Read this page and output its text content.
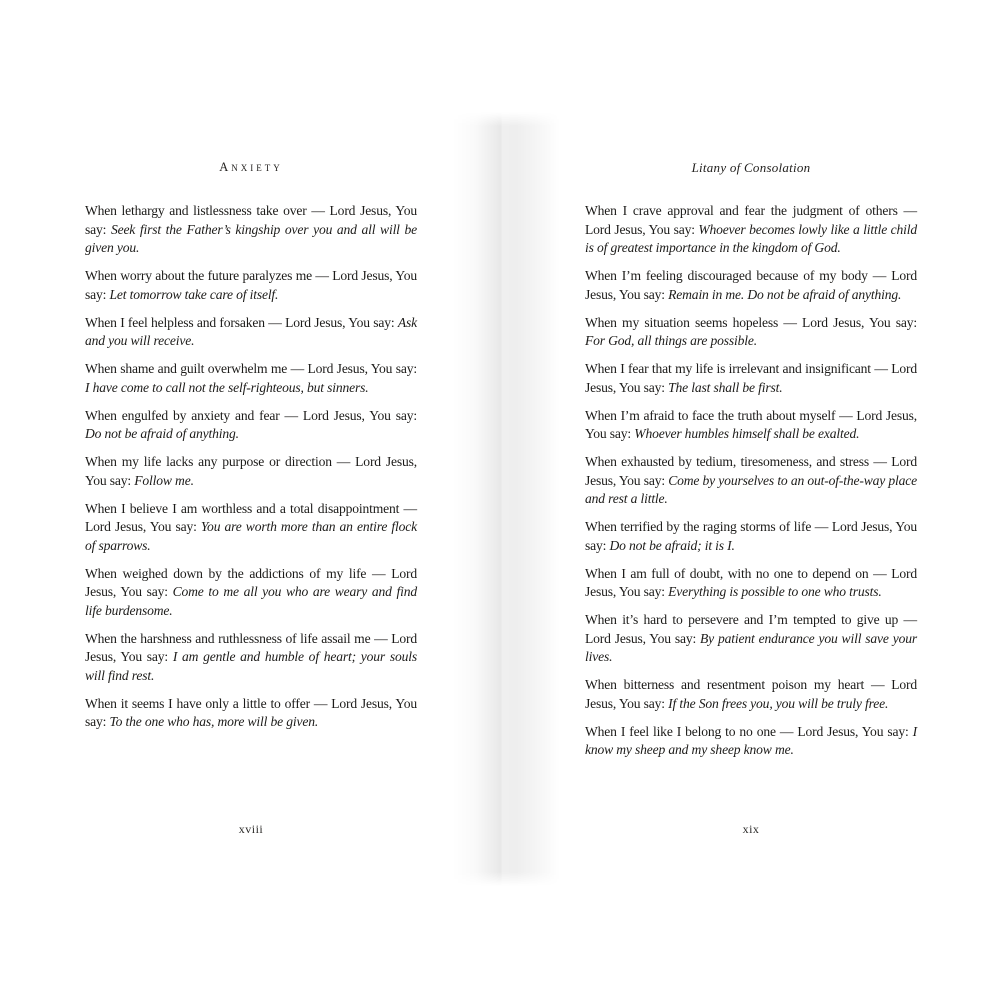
Anxiety

When lethargy and listlessness take over — Lord Jesus, You say: Seek first the Father’s kingship over you and all will be given you.

When worry about the future paralyzes me — Lord Jesus, You say: Let tomorrow take care of itself.

When I feel helpless and forsaken — Lord Jesus, You say: Ask and you will receive.

When shame and guilt overwhelm me — Lord Jesus, You say: I have come to call not the self-righteous, but sinners.

When engulfed by anxiety and fear — Lord Jesus, You say: Do not be afraid of anything.

When my life lacks any purpose or direction — Lord Jesus, You say: Follow me.

When I believe I am worthless and a total disappointment — Lord Jesus, You say: You are worth more than an entire flock of sparrows.

When weighed down by the addictions of my life — Lord Jesus, You say: Come to me all you who are weary and find life burdensome.

When the harshness and ruthlessness of life assail me — Lord Jesus, You say: I am gentle and humble of heart; your souls will find rest.

When it seems I have only a little to offer — Lord Jesus, You say: To the one who has, more will be given.

xviii
Litany of Consolation

When I crave approval and fear the judgment of others — Lord Jesus, You say: Whoever becomes lowly like a little child is of greatest importance in the kingdom of God.

When I’m feeling discouraged because of my body — Lord Jesus, You say: Remain in me. Do not be afraid of anything.

When my situation seems hopeless — Lord Jesus, You say: For God, all things are possible.

When I fear that my life is irrelevant and insignificant — Lord Jesus, You say: The last shall be first.

When I’m afraid to face the truth about myself — Lord Jesus, You say: Whoever humbles himself shall be exalted.

When exhausted by tedium, tiresomeness, and stress — Lord Jesus, You say: Come by yourselves to an out-of-the-way place and rest a little.

When terrified by the raging storms of life — Lord Jesus, You say: Do not be afraid; it is I.

When I am full of doubt, with no one to depend on — Lord Jesus, You say: Everything is possible to one who trusts.

When it’s hard to persevere and I’m tempted to give up — Lord Jesus, You say: By patient endurance you will save your lives.

When bitterness and resentment poison my heart — Lord Jesus, You say: If the Son frees you, you will be truly free.

When I feel like I belong to no one — Lord Jesus, You say: I know my sheep and my sheep know me.

xix
